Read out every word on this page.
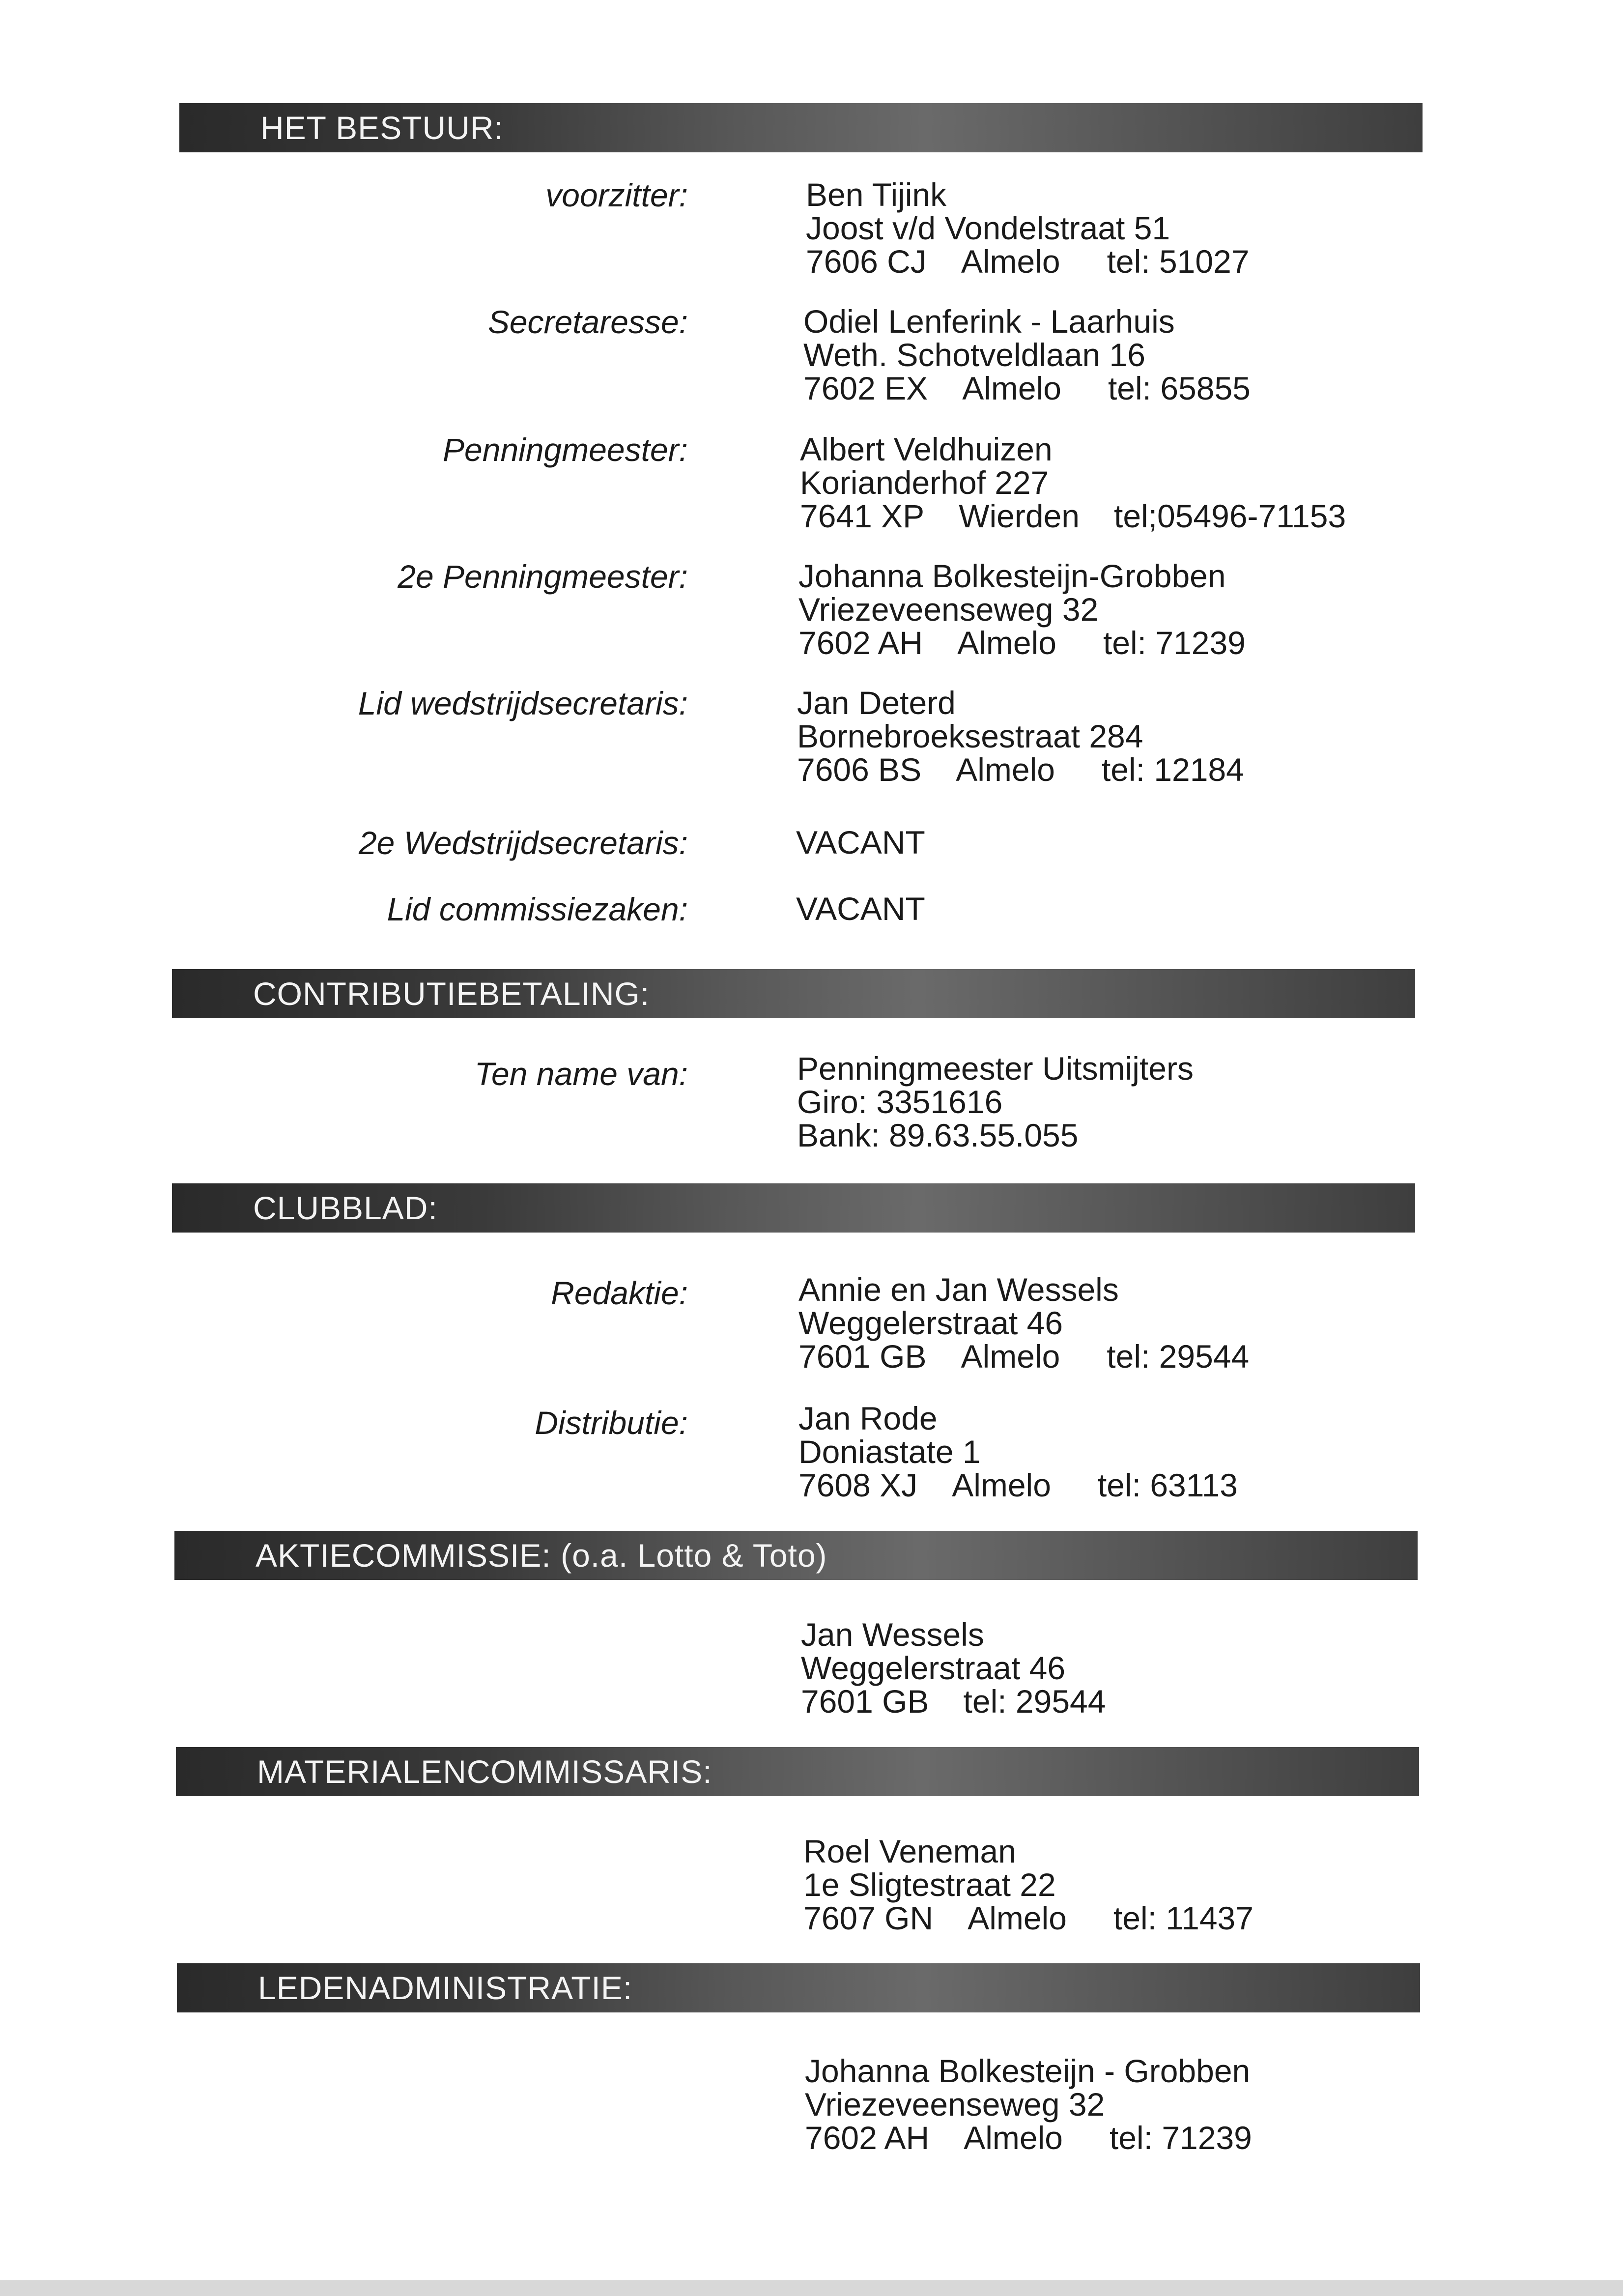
HET BESTUUR:
voorzitter:	Ben Tijink
Joost v/d Vondelstraat 51
7606 CJ Almelo tel: 51027
Secretaresse:	Odiel Lenferink - Laarhuis
Weth. Schotveldlaan 16
7602 EX Almelo tel: 65855
Penningmeester:	Albert Veldhuizen
Korianderhof 227
7641 XP Wierden tel;05496-71153
2e Penningmeester:	Johanna Bolkesteijn-Grobben
Vriezeveenseweg 32
7602 AH Almelo tel: 71239
Lid wedstrijdsecretaris:	Jan Deterd
Bornebroeksestraat 284
7606 BS Almelo tel: 12184
2e Wedstrijdsecretaris:	VACANT
Lid commissiezaken:	VACANT
CONTRIBUTIEBETALING:
Ten name van:	Penningmeester Uitsmijters
Giro: 3351616
Bank: 89.63.55.055
CLUBBLAD:
Redaktie:	Annie en Jan Wessels
Weggelerstraat 46
7601 GB Almelo tel: 29544
Distributie:	Jan Rode
Doniastate 1
7608 XJ Almelo tel: 63113
AKTIECOMMISSIE: (o.a. Lotto & Toto)
Jan Wessels
Weggelerstraat 46
7601 GB tel: 29544
MATERIALENCOMMISSARIS:
Roel Veneman
1e Sligtestraat 22
7607 GN Almelo tel: 11437
LEDENADMINISTRATIE:
Johanna Bolkesteijn - Grobben
Vriezeveenseweg 32
7602 AH Almelo tel: 71239
